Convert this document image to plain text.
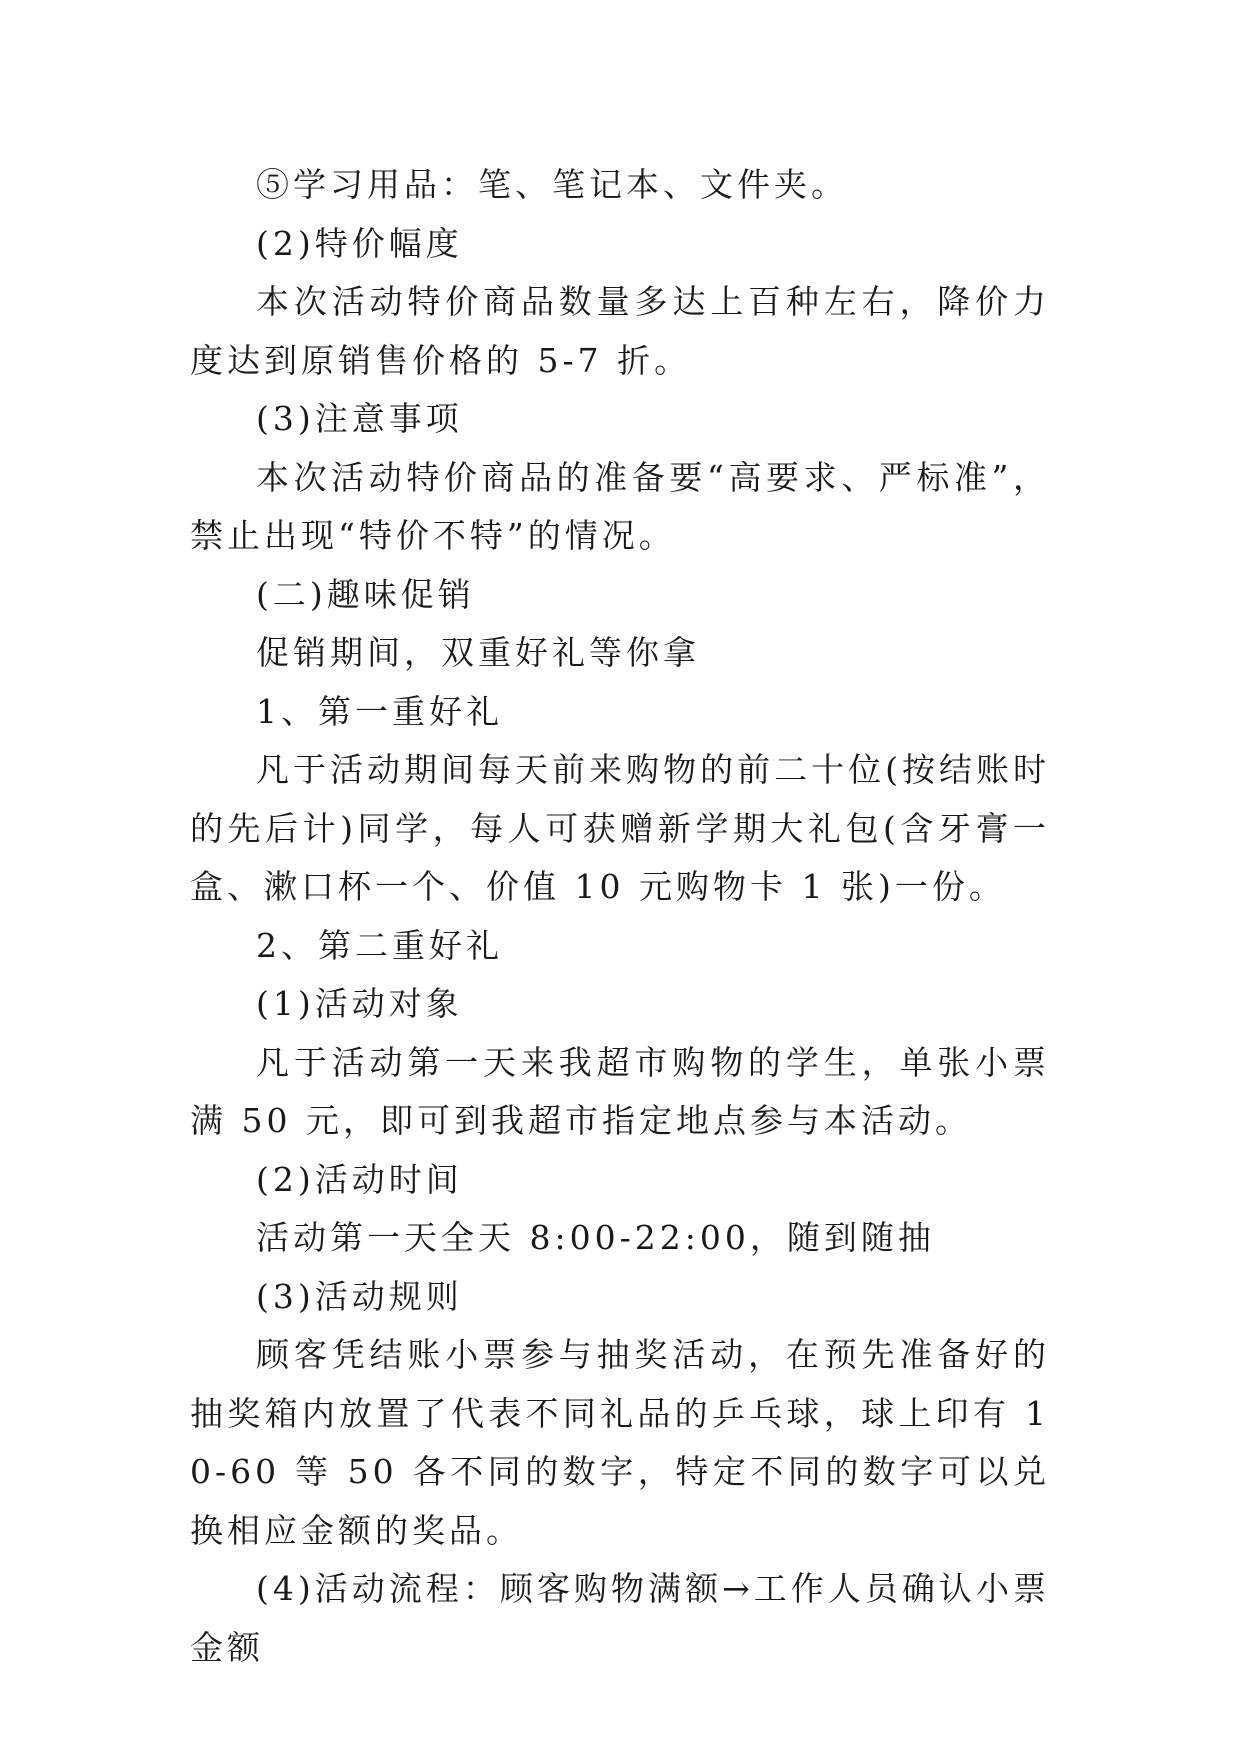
⑤学习用品：笔、笔记本、文件夹。

(2)特价幅度

本次活动特价商品数量多达上百种左右，降价力度达到原销售价格的 5-7 折。

(3)注意事项

本次活动特价商品的准备要“高要求、严标准”，禁止出现“特价不特”的情况。

(二)趣味促销

促销期间，双重好礼等你拿

1、第一重好礼

凡于活动期间每天前来购物的前二十位(按结账时的先后计)同学，每人可获赠新学期大礼包(含牙膏一盒、漱口杯一个、价值 10 元购物卡 1 张)一份。

2、第二重好礼

(1)活动对象

凡于活动第一天来我超市购物的学生，单张小票满 50 元，即可到我超市指定地点参与本活动。

(2)活动时间

活动第一天全天 8:00-22:00，随到随抽

(3)活动规则

顾客凭结账小票参与抽奖活动，在预先准备好的抽奖箱内放置了代表不同礼品的乒乓球，球上印有 10-60 等 50 各不同的数字，特定不同的数字可以兑换相应金额的奖品。

(4)活动流程：顾客购物满额→工作人员确认小票金额
